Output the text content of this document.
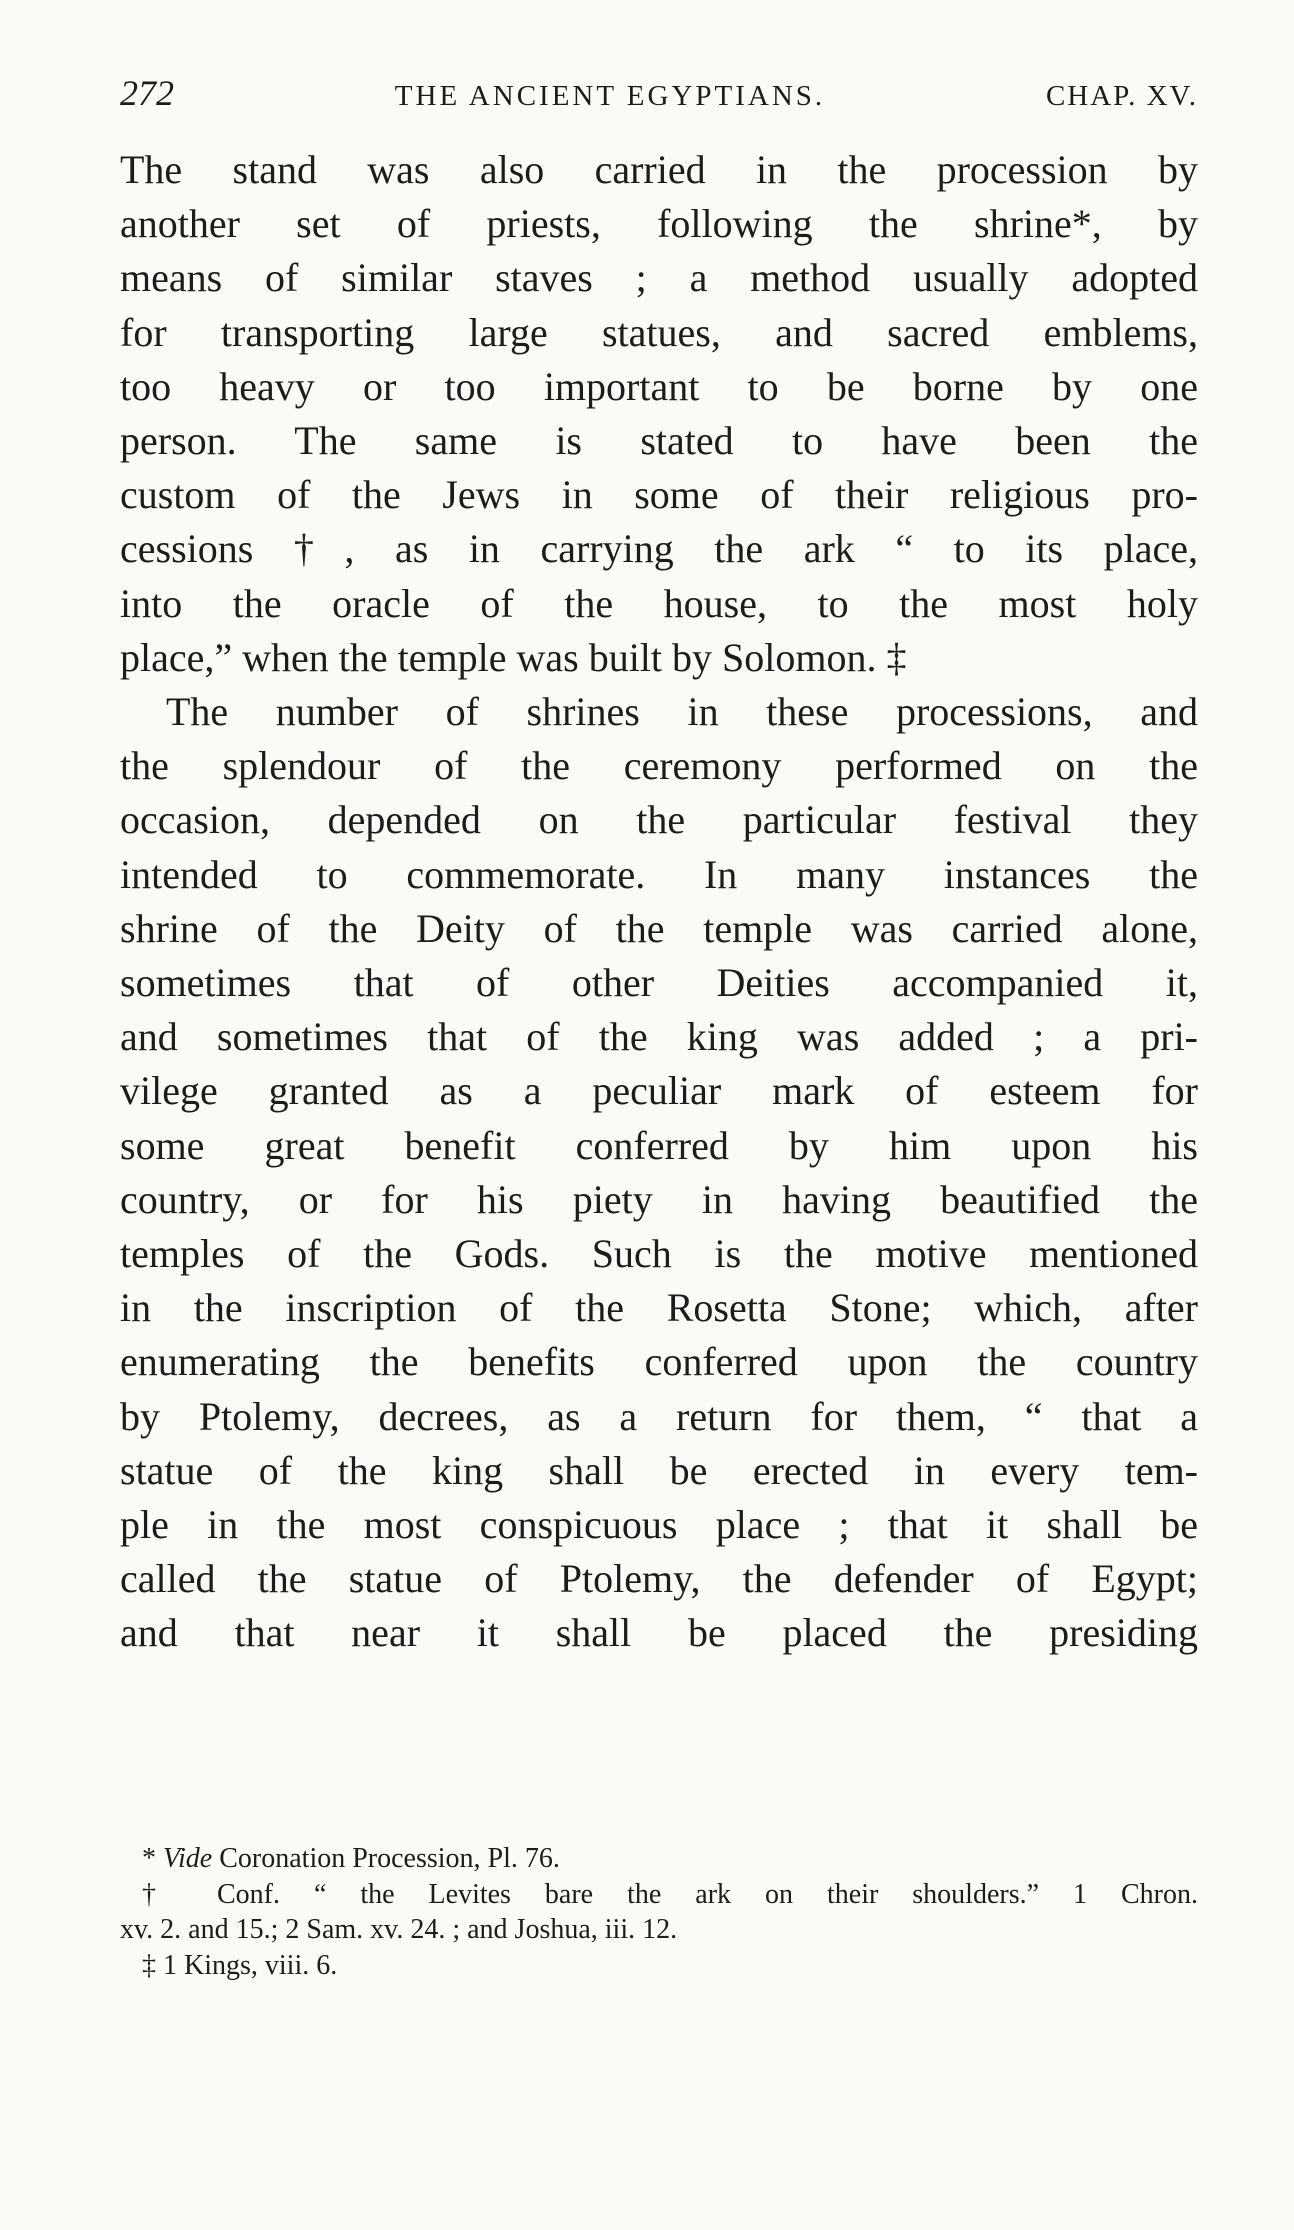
272	THE ANCIENT EGYPTIANS.	CHAP. XV.
The stand was also carried in the procession by
another set of priests, following the shrine*, by
means of similar staves ; a method usually adopted
for transporting large statues, and sacred emblems,
too heavy or too important to be borne by one
person. The same is stated to have been the
custom of the Jews in some of their religious pro-
cessions †, as in carrying the ark “ to its place,
into the oracle of the house, to the most holy
place,” when the temple was built by Solomon. ‡
The number of shrines in these processions, and
the splendour of the ceremony performed on the
occasion, depended on the particular festival they
intended to commemorate. In many instances the
shrine of the Deity of the temple was carried alone,
sometimes that of other Deities accompanied it,
and sometimes that of the king was added ; a pri-
vilege granted as a peculiar mark of esteem for
some great benefit conferred by him upon his
country, or for his piety in having beautified the
temples of the Gods. Such is the motive mentioned
in the inscription of the Rosetta Stone; which, after
enumerating the benefits conferred upon the country
by Ptolemy, decrees, as a return for them, “ that a
statue of the king shall be erected in every tem-
ple in the most conspicuous place ; that it shall be
called the statue of Ptolemy, the defender of Egypt;
and that near it shall be placed the presiding
* Vide Coronation Procession, Pl. 76.
† Conf. “ the Levites bare the ark on their shoulders.” 1 Chron.
xv. 2. and 15.; 2 Sam. xv. 24. ; and Joshua, iii. 12.
‡ 1 Kings, viii. 6.
